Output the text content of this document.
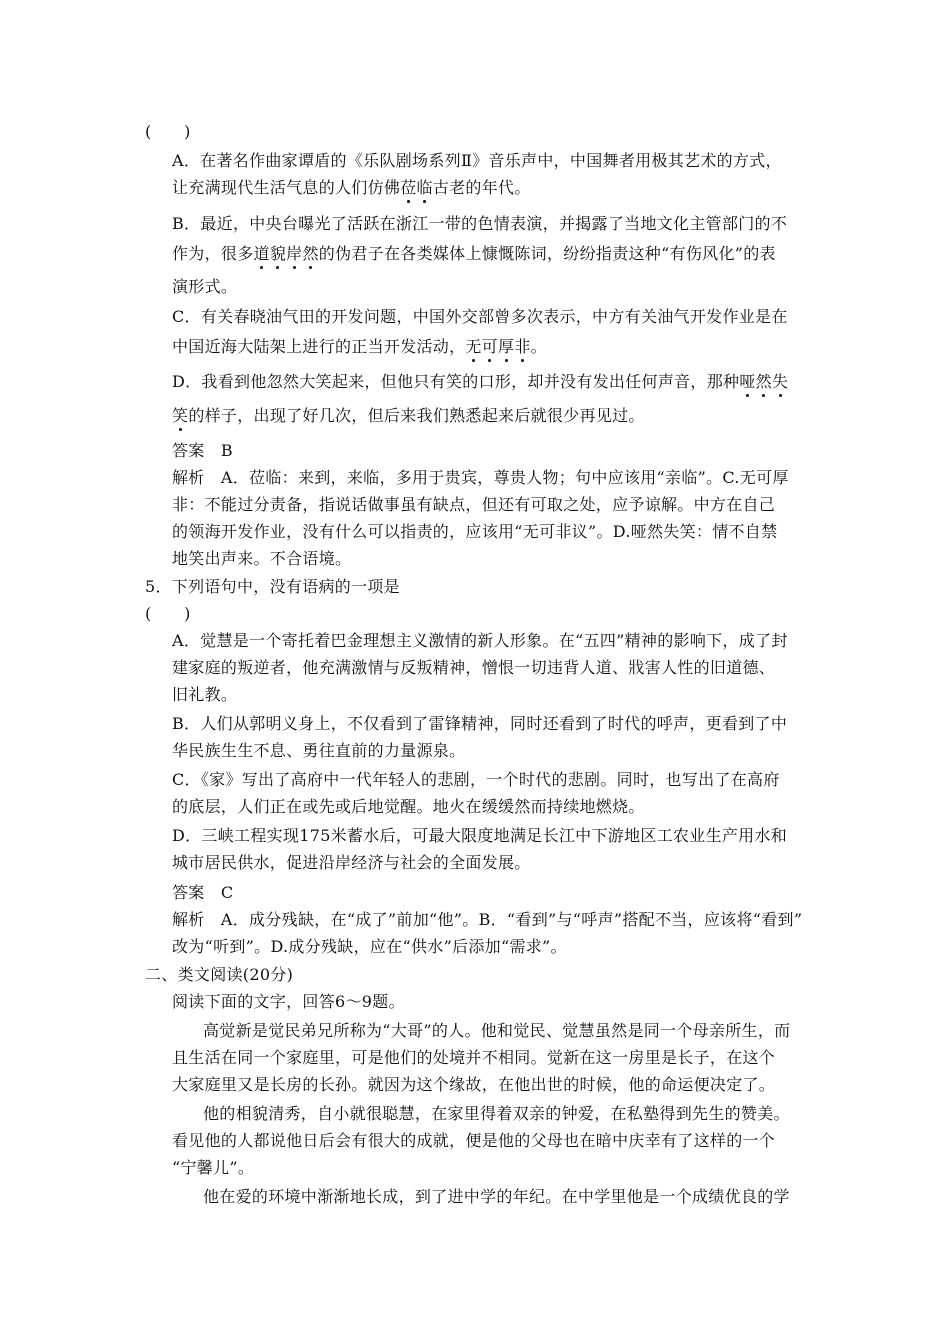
(　　)
A．在著名作曲家谭盾的《乐队剧场系列Ⅱ》音乐声中，中国舞者用极其艺术的方式，
让充满现代生活气息的人们仿佛莅临古老的年代。
B．最近，中央台曝光了活跃在浙江一带的色情表演，并揭露了当地文化主管部门的不
作为，很多道貌岸然的伪君子在各类媒体上慷慨陈词，纷纷指责这种“有伤风化”的表
演形式。
C．有关春晓油气田的开发问题，中国外交部曾多次表示，中方有关油气开发作业是在
中国近海大陆架上进行的正当开发活动，无可厚非。
D．我看到他忽然大笑起来，但他只有笑的口形，却并没有发出任何声音，那种哑然失
笑的样子，出现了好几次，但后来我们熟悉起来后就很少再见过。
答案　B
解析　A．莅临：来到，来临，多用于贵宾，尊贵人物；句中应该用“亲临”。C.无可厚
非：不能过分责备，指说话做事虽有缺点，但还有可取之处，应予谅解。中方在自己
的领海开发作业，没有什么可以指责的，应该用“无可非议”。D.哑然失笑：情不自禁
地笑出声来。不合语境。
5．下列语句中，没有语病的一项是
(　　)
A．觉慧是一个寄托着巴金理想主义激情的新人形象。在“五四”精神的影响下，成了封
建家庭的叛逆者，他充满激情与反叛精神，憎恨一切违背人道、戕害人性的旧道德、
旧礼教。
B．人们从郭明义身上，不仅看到了雷锋精神，同时还看到了时代的呼声，更看到了中
华民族生生不息、勇往直前的力量源泉。
C．《家》写出了高府中一代年轻人的悲剧，一个时代的悲剧。同时，也写出了在高府
的底层，人们正在或先或后地觉醒。地火在缓缓然而持续地燃烧。
D．三峡工程实现175米蓄水后，可最大限度地满足长江中下游地区工农业生产用水和
城市居民供水，促进沿岸经济与社会的全面发展。
答案　C
解析　A．成分残缺，在“成了”前加“他”。B．“看到”与“呼声”搭配不当，应该将“看到”
改为“听到”。D.成分残缺，应在“供水”后添加“需求”。
二、类文阅读(20分)
阅读下面的文字，回答6～9题。
高觉新是觉民弟兄所称为“大哥”的人。他和觉民、觉慧虽然是同一个母亲所生，而
且生活在同一个家庭里，可是他们的处境并不相同。觉新在这一房里是长子，在这个
大家庭里又是长房的长孙。就因为这个缘故，在他出世的时候，他的命运便决定了。
他的相貌清秀，自小就很聪慧，在家里得着双亲的钟爱，在私塾得到先生的赞美。
看见他的人都说他日后会有很大的成就，便是他的父母也在暗中庆幸有了这样的一个
“宁馨儿”。
他在爱的环境中渐渐地长成，到了进中学的年纪。在中学里他是一个成绩优良的学
